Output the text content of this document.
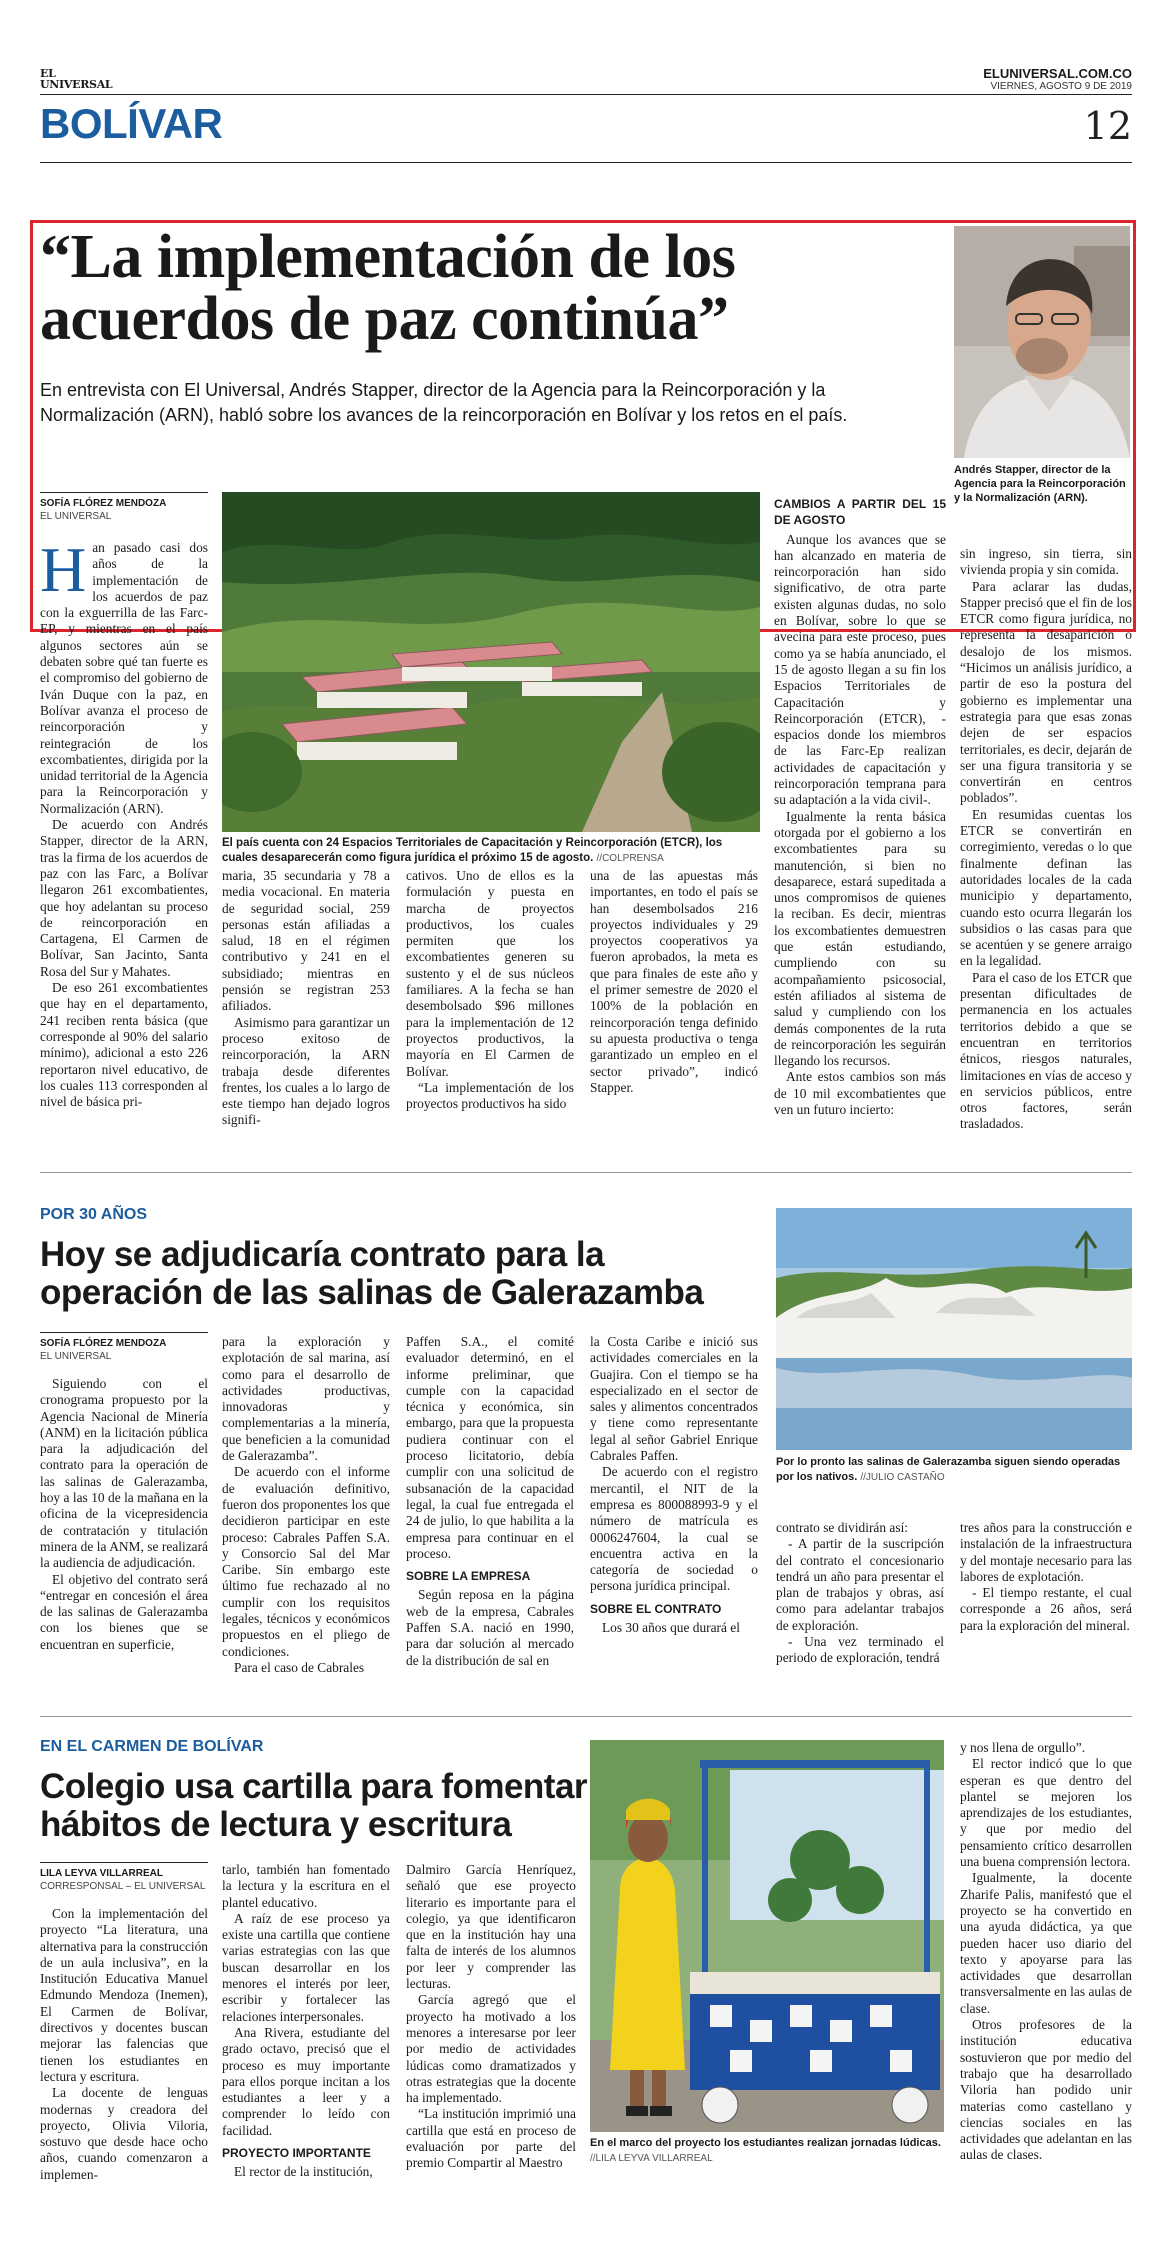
EL
UNIVERSAL
ELUNIVERSAL.COM.CO
VIERNES, AGOSTO 9 DE 2019
BOLÍVAR	12
“La implementación de los acuerdos de paz continúa”
En entrevista con El Universal, Andrés Stapper, director de la Agencia para la Reincorporación y la Normalización (ARN), habló sobre los avances de la reincorporación en Bolívar y los retos en el país.
Andrés Stapper, director de la Agencia para la Reincorporación y la Normalización (ARN).
SOFÍA FLÓREZ MENDOZA
EL UNIVERSAL
El país cuenta con 24 Espacios Territoriales de Capacitación y Reincorporación (ETCR), los cuales desaparecerán como figura jurídica el próximo 15 de agosto. //COLPRENSA
H an pasado casi dos años de la implementación de los acuerdos de paz con la exguerrilla de las Farc-EP, y mientras en el país algunos sectores aún se debaten sobre qué tan fuerte es el compromiso del gobierno de Iván Duque con la paz, en Bolívar avanza el proceso de reincorporación y reintegración de los excombatientes, dirigida por la unidad territorial de la Agencia para la Reincorporación y Normalización (ARN).

De acuerdo con Andrés Stapper, director de la ARN, tras la firma de los acuerdos de paz con las Farc, a Bolívar llegaron 261 excombatientes, que hoy adelantan su proceso de reincorporación en Cartagena, El Carmen de Bolívar, San Jacinto, Santa Rosa del Sur y Mahates.

De eso 261 excombatientes que hay en el departamento, 241 reciben renta básica (que corresponde al 90% del salario mínimo), adicional a esto 226 reportaron nivel educativo, de los cuales 113 corresponden al nivel de básica pri-

maria, 35 secundaria y 78 a media vocacional. En materia de seguridad social, 259 personas están afiliadas a salud, 18 en el régimen contributivo y 241 en el subsidiado; mientras en pensión se registran 253 afiliados.

Asimismo para garantizar un proceso exitoso de reincorporación, la ARN trabaja desde diferentes frentes, los cuales a lo largo de este tiempo han dejado logros signifi-

cativos. Uno de ellos es la formulación y puesta en marcha de proyectos productivos, los cuales permiten que los excombatientes generen su sustento y el de sus núcleos familiares. A la fecha se han desembolsado $96 millones para la implementación de 12 proyectos productivos, la mayoría en El Carmen de Bolívar.

“La implementación de los proyectos productivos ha sido

una de las apuestas más importantes, en todo el país se han desembolsados 216 proyectos individuales y 29 proyectos cooperativos ya fueron aprobados, la meta es que para finales de este año y el primer semestre de 2020 el 100% de la población en reincorporación tenga definido su apuesta productiva o tenga garantizado un empleo en el sector privado”, indicó Stapper.

CAMBIOS A PARTIR DEL 15 DE AGOSTO

Aunque los avances que se han alcanzado en materia de reincorporación han sido significativo, de otra parte existen algunas dudas, no solo en Bolívar, sobre lo que se avecina para este proceso, pues como ya se había anunciado, el 15 de agosto llegan a su fin los Espacios Territoriales de Capacitación y Reincorporación (ETCR), -espacios donde los miembros de las Farc-Ep realizan actividades de capacitación y reincorporación temprana para su adaptación a la vida civil-.

Igualmente la renta básica otorgada por el gobierno a los excombatientes para su manutención, si bien no desaparece, estará supeditada a unos compromisos de quienes la reciban. Es decir, mientras los excombatientes demuestren que están estudiando, cumpliendo con su acompañamiento psicosocial, estén afiliados al sistema de salud y cumpliendo con los demás componentes de la ruta de reincorporación les seguirán llegando los recursos.

Ante estos cambios son más de 10 mil excombatientes que ven un futuro incierto:

sin ingreso, sin tierra, sin vivienda propia y sin comida.

Para aclarar las dudas, Stapper precisó que el fin de los ETCR como figura jurídica, no representa la desaparición o desalojo de los mismos. “Hicimos un análisis jurídico, a partir de eso la postura del gobierno es implementar una estrategia para que esas zonas dejen de ser espacios territoriales, es decir, dejarán de ser una figura transitoria y se convertirán en centros poblados”.

En resumidas cuentas los ETCR se convertirán en corregimiento, veredas o lo que finalmente definan las autoridades locales de la cada municipio y departamento, cuando esto ocurra llegarán los subsidios o las casas para que se acentúen y se genere arraigo en la legalidad.

Para el caso de los ETCR que presentan dificultades de permanencia en los actuales territorios debido a que se encuentran en territorios étnicos, riesgos naturales, limitaciones en vías de acceso y en servicios públicos, entre otros factores, serán trasladados.

POR 30 AÑOS
Hoy se adjudicaría contrato para la operación de las salinas de Galerazamba
SOFÍA FLÓREZ MENDOZA
EL UNIVERSAL
Por lo pronto las salinas de Galerazamba siguen siendo operadas por los nativos. //JULIO CASTAÑO

Siguiendo con el cronograma propuesto por la Agencia Nacional de Minería (ANM) en la licitación pública para la adjudicación del contrato para la operación de las salinas de Galerazamba, hoy a las 10 de la mañana en la oficina de la vicepresidencia de contratación y titulación minera de la ANM, se realizará la audiencia de adjudicación.

El objetivo del contrato será “entregar en concesión el área de las salinas de Galerazamba con los bienes que se encuentran en superficie,

para la exploración y explotación de sal marina, así como para el desarrollo de actividades productivas, innovadoras y complementarias a la minería, que beneficien a la comunidad de Galerazamba”.

De acuerdo con el informe de evaluación definitivo, fueron dos proponentes los que decidieron participar en este proceso: Cabrales Paffen S.A. y Consorcio Sal del Mar Caribe. Sin embargo este último fue rechazado al no cumplir con los requisitos legales, técnicos y económicos propuestos en el pliego de condiciones.

Para el caso de Cabrales

Paffen S.A., el comité evaluador determinó, en el informe preliminar, que cumple con la capacidad técnica y económica, sin embargo, para que la propuesta pudiera continuar con el proceso licitatorio, debía cumplir con una solicitud de subsanación de la capacidad legal, la cual fue entregada el 24 de julio, lo que habilita a la empresa para continuar en el proceso.

SOBRE LA EMPRESA

Según reposa en la página web de la empresa, Cabrales Paffen S.A. nació en 1990, para dar solución al mercado de la distribución de sal en

la Costa Caribe e inició sus actividades comerciales en la Guajira. Con el tiempo se ha especializado en el sector de sales y alimentos concentrados y tiene como representante legal al señor Gabriel Enrique Cabrales Paffen.

De acuerdo con el registro mercantil, el NIT de la empresa es 800088993-9 y el número de matrícula es 0006247604, la cual se encuentra activa en la categoría de sociedad o persona jurídica principal.

SOBRE EL CONTRATO

Los 30 años que durará el

contrato se dividirán así:

- A partir de la suscripción del contrato el concesionario tendrá un año para presentar el plan de trabajos y obras, así como para adelantar trabajos de exploración.

- Una vez terminado el periodo de exploración, tendrá

tres años para la construcción e instalación de la infraestructura y del montaje necesario para las labores de explotación.

- El tiempo restante, el cual corresponde a 26 años, será para la exploración del mineral.

EN EL CARMEN DE BOLÍVAR
Colegio usa cartilla para fomentar hábitos de lectura y escritura
LILA LEYVA VILLARREAL
CORRESPONSAL – EL UNIVERSAL
En el marco del proyecto los estudiantes realizan jornadas lúdicas. //LILA LEYVA VILLARREAL

Con la implementación del proyecto “La literatura, una alternativa para la construcción de un aula inclusiva”, en la Institución Educativa Manuel Edmundo Mendoza (Inemen), El Carmen de Bolívar, directivos y docentes buscan mejorar las falencias que tienen los estudiantes en lectura y escritura.

La docente de lenguas modernas y creadora del proyecto, Olivia Viloria, sostuvo que desde hace ocho años, cuando comenzaron a implemen-

tarlo, también han fomentado la lectura y la escritura en el plantel educativo.

A raíz de ese proceso ya existe una cartilla que contiene varias estrategias con las que buscan desarrollar en los menores el interés por leer, escribir y fortalecer las relaciones interpersonales.

Ana Rivera, estudiante del grado octavo, precisó que el proceso es muy importante para ellos porque incitan a los estudiantes a leer y a comprender lo leído con facilidad.

PROYECTO IMPORTANTE

El rector de la institución,

Dalmiro García Henríquez, señaló que ese proyecto literario es importante para el colegio, ya que identificaron que en la institución hay una falta de interés de los alumnos por leer y comprender las lecturas.

García agregó que el proyecto ha motivado a los menores a interesarse por leer por medio de actividades lúdicas como dramatizados y otras estrategias que la docente ha implementado.

“La institución imprimió una cartilla que está en proceso de evaluación por parte del premio Compartir al Maestro

y nos llena de orgullo”.

El rector indicó que lo que esperan es que dentro del plantel se mejoren los aprendizajes de los estudiantes, y que por medio del pensamiento crítico desarrollen una buena comprensión lectora.

Igualmente, la docente Zharife Palis, manifestó que el proyecto se ha convertido en una ayuda didáctica, ya que pueden hacer uso diario del texto y apoyarse para las actividades que desarrollan transversalmente en las aulas de clase.

Otros profesores de la institución educativa sostuvieron que por medio del trabajo que ha desarrollado Viloria han podido unir materias como castellano y ciencias sociales en las actividades que adelantan en las aulas de clases.
